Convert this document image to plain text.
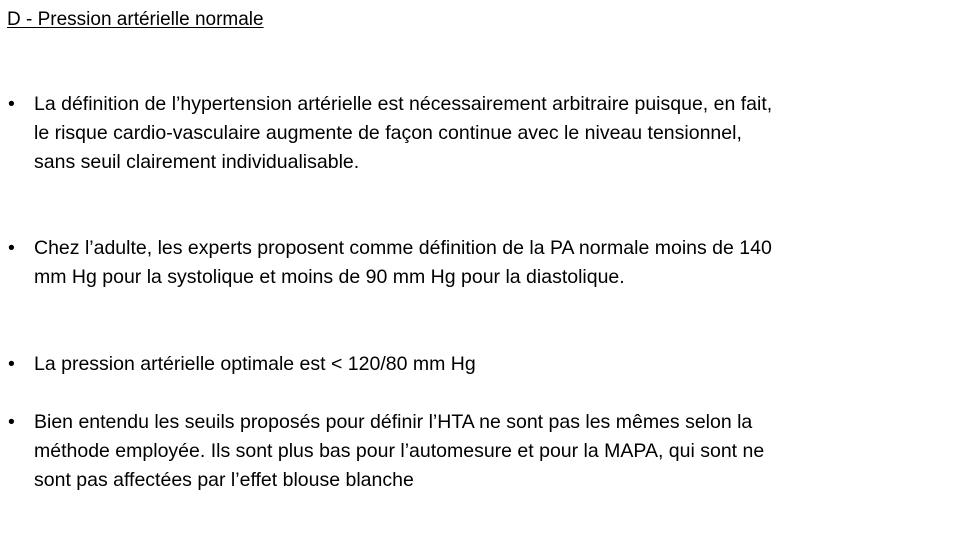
D - Pression artérielle normale
• La définition de l’hypertension artérielle est nécessairement arbitraire puisque, en fait,
le risque cardio-vasculaire augmente de façon continue avec le niveau tensionnel,
sans seuil clairement individualisable.
• Chez l’adulte, les experts proposent comme définition de la PA normale moins de 140
mm Hg pour la systolique et moins de 90 mm Hg pour la diastolique.
• La pression artérielle optimale est < 120/80 mm Hg
• Bien entendu les seuils proposés pour définir l’HTA ne sont pas les mêmes selon la
méthode employée. Ils sont plus bas pour l’automesure et pour la MAPA, qui sont ne
sont pas affectées par l’effet blouse blanche
